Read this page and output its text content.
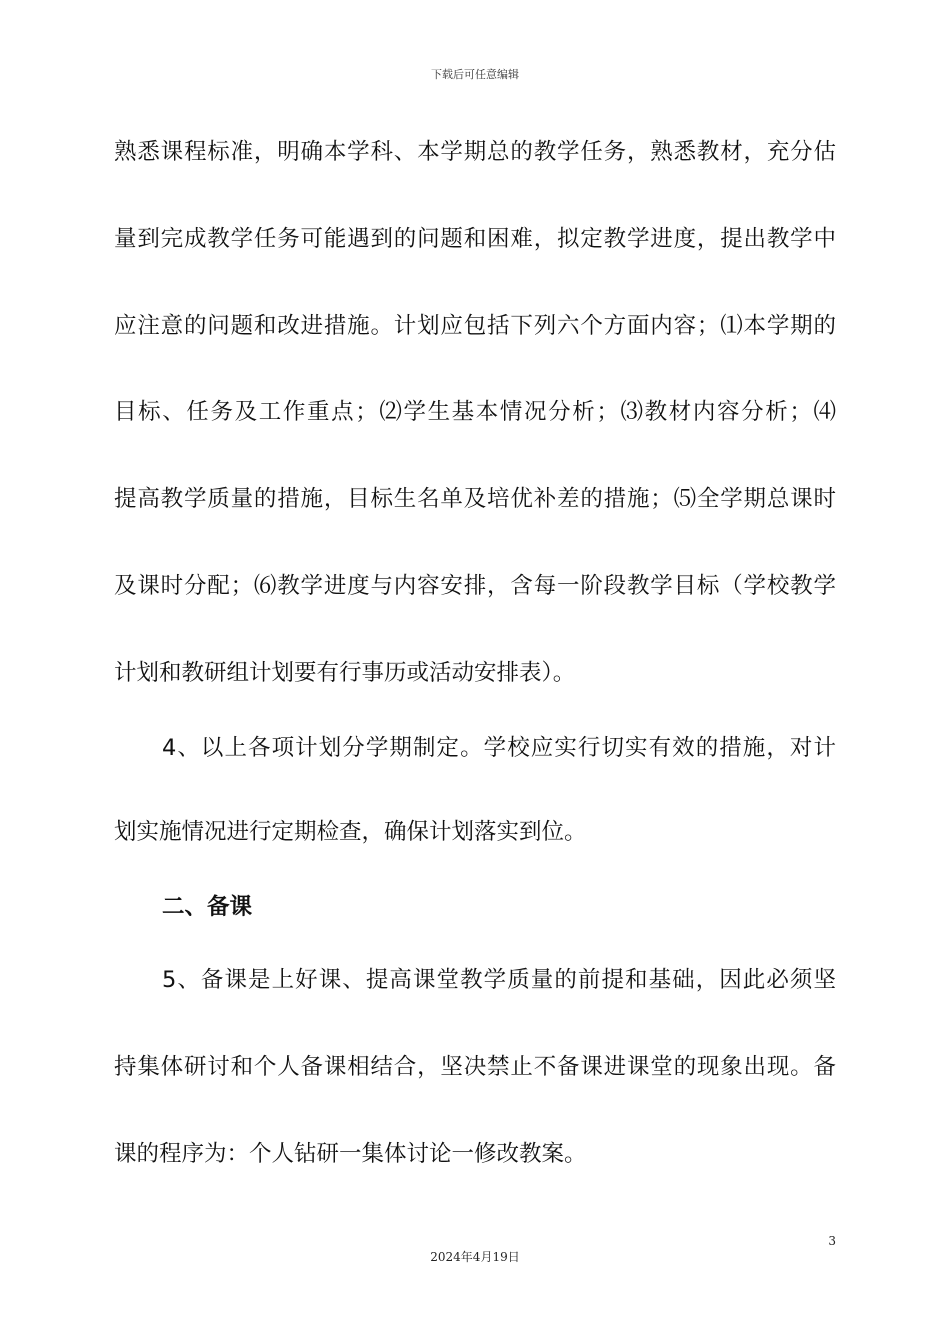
下载后可任意编辑
熟悉课程标准，明确本学科、本学期总的教学任务，熟悉教材，充分估
量到完成教学任务可能遇到的问题和困难，拟定教学进度，提出教学中
应注意的问题和改进措施。计划应包括下列六个方面内容；⑴本学期的
目标、任务及工作重点；⑵学生基本情况分析；⑶教材内容分析；⑷
提高教学质量的措施，目标生名单及培优补差的措施；⑸全学期总课时
及课时分配；⑹教学进度与内容安排，含每一阶段教学目标（学校教学
计划和教研组计划要有行事历或活动安排表）。
4、以上各项计划分学期制定。学校应实行切实有效的措施，对计
划实施情况进行定期检查，确保计划落实到位。
二、备课
5、备课是上好课、提高课堂教学质量的前提和基础，因此必须坚
持集体研讨和个人备课相结合，坚决禁止不备课进课堂的现象出现。备
课的程序为：个人钻研一集体讨论一修改教案。
3
2024年4月19日
